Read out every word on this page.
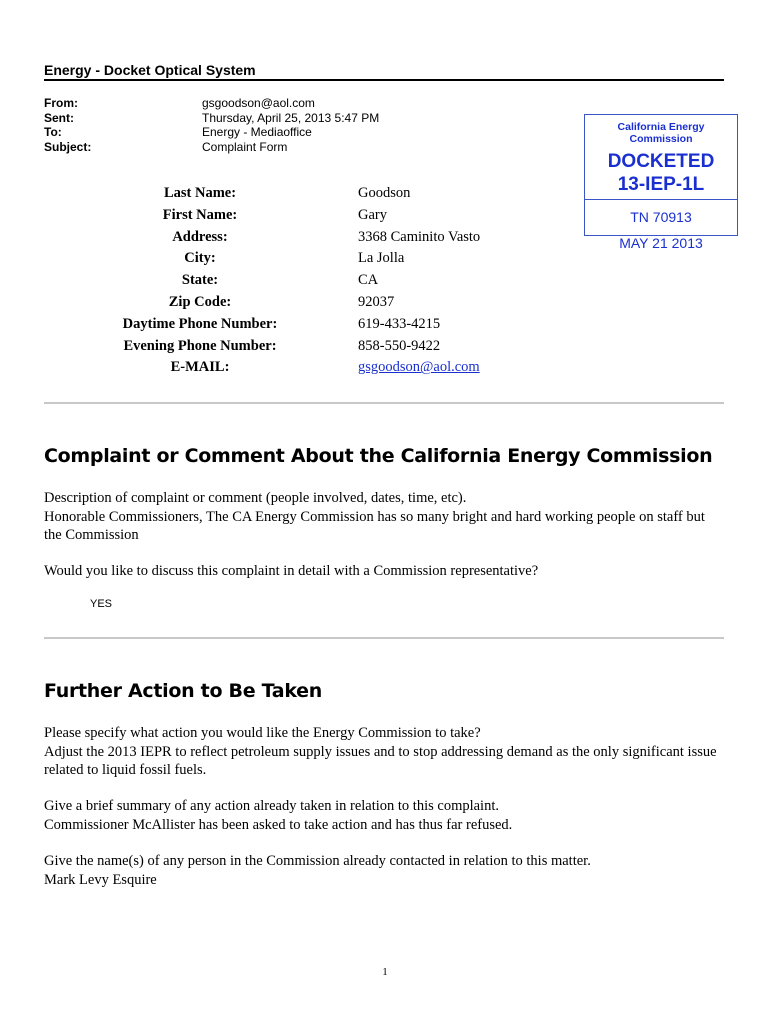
Energy - Docket Optical System
From:	gsgoodson@aol.com
Sent:	Thursday, April 25, 2013 5:47 PM
To:	Energy - Mediaoffice
Subject:	Complaint Form
California Energy Commission
DOCKETED
13-IEP-1L
TN 70913
MAY 21 2013
Last Name:	Goodson
First Name:	Gary
Address:	3368 Caminito Vasto
City:	La Jolla
State:	CA
Zip Code:	92037
Daytime Phone Number:	619-433-4215
Evening Phone Number:	858-550-9422
E-MAIL:	gsgoodson@aol.com
Complaint or Comment About the California Energy Commission
Description of complaint or comment (people involved, dates, time, etc).
Honorable Commissioners, The CA Energy Commission has so many bright and hard working people on staff but the Commission
Would you like to discuss this complaint in detail with a Commission representative?
YES
Further Action to Be Taken
Please specify what action you would like the Energy Commission to take?
Adjust the 2013 IEPR to reflect petroleum supply issues and to stop addressing demand as the only significant issue related to liquid fossil fuels.
Give a brief summary of any action already taken in relation to this complaint.
Commissioner McAllister has been asked to take action and has thus far refused.
Give the name(s) of any person in the Commission already contacted in relation to this matter.
Mark Levy Esquire
1
